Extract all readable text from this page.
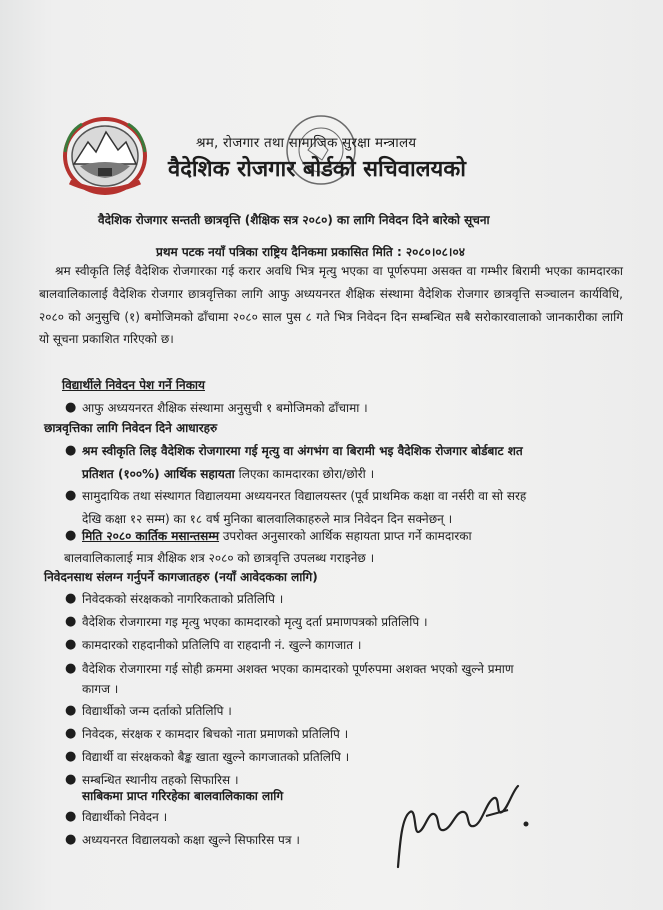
श्रम, रोजगार तथा सामाजिक सुरक्षा मन्त्रालय
वैदेशिक रोजगार बोर्डको सचिवालयको
वैदेशिक रोजगार सन्तती छात्रवृत्ति (शैक्षिक सत्र २०८०) का लागि निवेदन दिने बारेको सूचना
प्रथम पटक नयाँ पत्रिका राष्ट्रिय दैनिकमा प्रकासित मिति : २०८०।०८।०४
श्रम स्वीकृति लिई वैदेशिक रोजगारका गई करार अवधि भित्र मृत्यु भएका वा पूर्णरुपमा असक्त वा गम्भीर बिरामी भएका कामदारका बालवालिकालाई वैदेशिक रोजगार छात्रवृत्तिका लागि आफु अध्ययनरत शैक्षिक संस्थामा वैदेशिक रोजगार छात्रवृत्ति सञ्चालन कार्यविधि, २०८० को अनुसुचि (१) बमोजिमको ढाँचामा २०८० साल पुस ८ गते भित्र निवेदन दिन सम्बन्धित सबै सरोकारवालाको जानकारीका लागि यो सूचना प्रकाशित गरिएको छ।
विद्यार्थीले निवेदन पेश गर्ने निकाय
● आफु अध्ययनरत शैक्षिक संस्थामा अनुसुची १ बमोजिमको ढाँचामा ।
छात्रवृत्तिका लागि निवेदन दिने आधारहरु
● श्रम स्वीकृति लिइ वैदेशिक रोजगारमा गई मृत्यु वा अंगभंग वा बिरामी भइ वैदेशिक रोजगार बोर्डबाट शत
प्रतिशत (१००%) आर्थिक सहायता लिएका कामदारका छोरा/छोरी ।
● सामुदायिक तथा संस्थागत विद्यालयमा अध्ययनरत विद्यालयस्तर (पूर्व प्राथमिक कक्षा वा नर्सरी वा सो सरह
देखि कक्षा १२ सम्म) का १८ वर्ष मुनिका बालवालिकाहरुले मात्र निवेदन दिन सक्नेछन् ।
● मिति २०८० कार्तिक मसान्तसम्म उपरोक्त अनुसारको आर्थिक सहायता प्राप्त गर्ने कामदारका
बालवालिकालाई मात्र शैक्षिक शत्र २०८० को छात्रवृत्ति उपलब्ध गराइनेछ ।
निवेदनसाथ संलग्न गर्नुपर्ने कागजातहरु (नयाँ आवेदकका लागि)
● निवेदकको संरक्षकको नागरिकताको प्रतिलिपि ।
● वैदेशिक रोजगारमा गइ मृत्यु भएका कामदारको मृत्यु दर्ता प्रमाणपत्रको प्रतिलिपि ।
● कामदारको राहदानीको प्रतिलिपि वा राहदानी नं. खुल्ने कागजात ।
● वैदेशिक रोजगारमा गई सोही क्रममा अशक्त भएका कामदारको पूर्णरुपमा अशक्त भएको खुल्ने प्रमाण
कागज ।
● विद्यार्थीको जन्म दर्ताको प्रतिलिपि ।
● निवेदक, संरक्षक र कामदार बिचको नाता प्रमाणको प्रतिलिपि ।
● विद्यार्थी वा संरक्षकको बैङ्क खाता खुल्ने कागजातको प्रतिलिपि ।
● सम्बन्धित स्थानीय तहको सिफारिस ।
साबिकमा प्राप्त गरिरहेका बालवालिकाका लागि
● विद्यार्थीको निवेदन ।
● अध्ययनरत विद्यालयको कक्षा खुल्ने सिफारिस पत्र ।
